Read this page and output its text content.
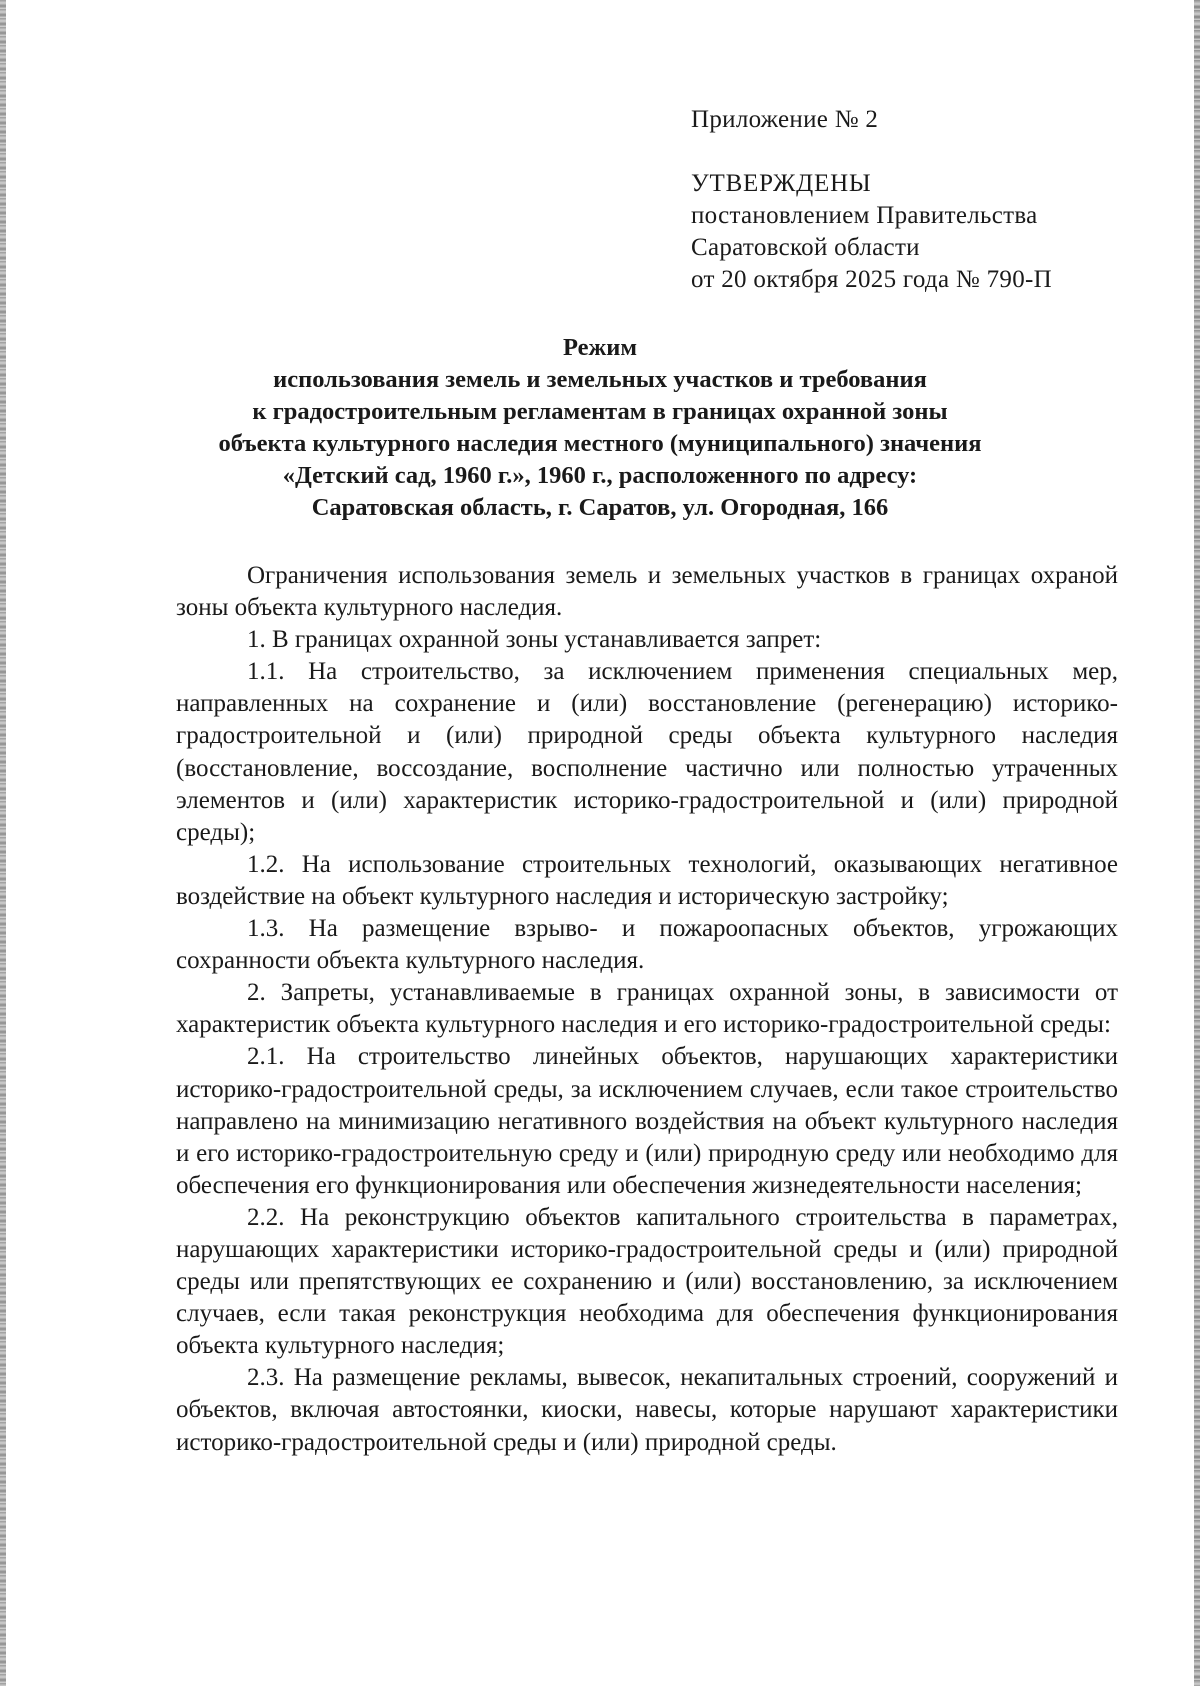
Приложение № 2
УТВЕРЖДЕНЫ
постановлением Правительства
Саратовской области
от 20 октября 2025 года № 790-П
Режим
использования земель и земельных участков и требования
к градостроительным регламентам в границах охранной зоны
объекта культурного наследия местного (муниципального) значения
«Детский сад, 1960 г.», 1960 г., расположенного по адресу:
Саратовская область, г. Саратов, ул. Огородная, 166

Ограничения использования земель и земельных участков в границах охраной зоны объекта культурного наследия.

1. В границах охранной зоны устанавливается запрет:

1.1. На строительство, за исключением применения специальных мер, направленных на сохранение и (или) восстановление (регенерацию) историко-градостроительной и (или) природной среды объекта культурного наследия (восстановление, воссоздание, восполнение частично или полностью утраченных элементов и (или) характеристик историко-градостроительной и (или) природной среды);

1.2. На использование строительных технологий, оказывающих негативное воздействие на объект культурного наследия и историческую застройку;

1.3. На размещение взрыво- и пожароопасных объектов, угрожающих сохранности объекта культурного наследия.

2. Запреты, устанавливаемые в границах охранной зоны, в зависимости от характеристик объекта культурного наследия и его историко-градостроительной среды:

2.1. На строительство линейных объектов, нарушающих характеристики историко-градостроительной среды, за исключением случаев, если такое строительство направлено на минимизацию негативного воздействия на объект культурного наследия и его историко-градостроительную среду и (или) природную среду или необходимо для обеспечения его функционирования или обеспечения жизнедеятельности населения;

2.2. На реконструкцию объектов капитального строительства в параметрах, нарушающих характеристики историко-градостроительной среды и (или) природной среды или препятствующих ее сохранению и (или) восстановлению, за исключением случаев, если такая реконструкция необходима для обеспечения функционирования объекта культурного наследия;

2.3. На размещение рекламы, вывесок, некапитальных строений, сооружений и объектов, включая автостоянки, киоски, навесы, которые нарушают характеристики историко-градостроительной среды и (или) природной среды.
